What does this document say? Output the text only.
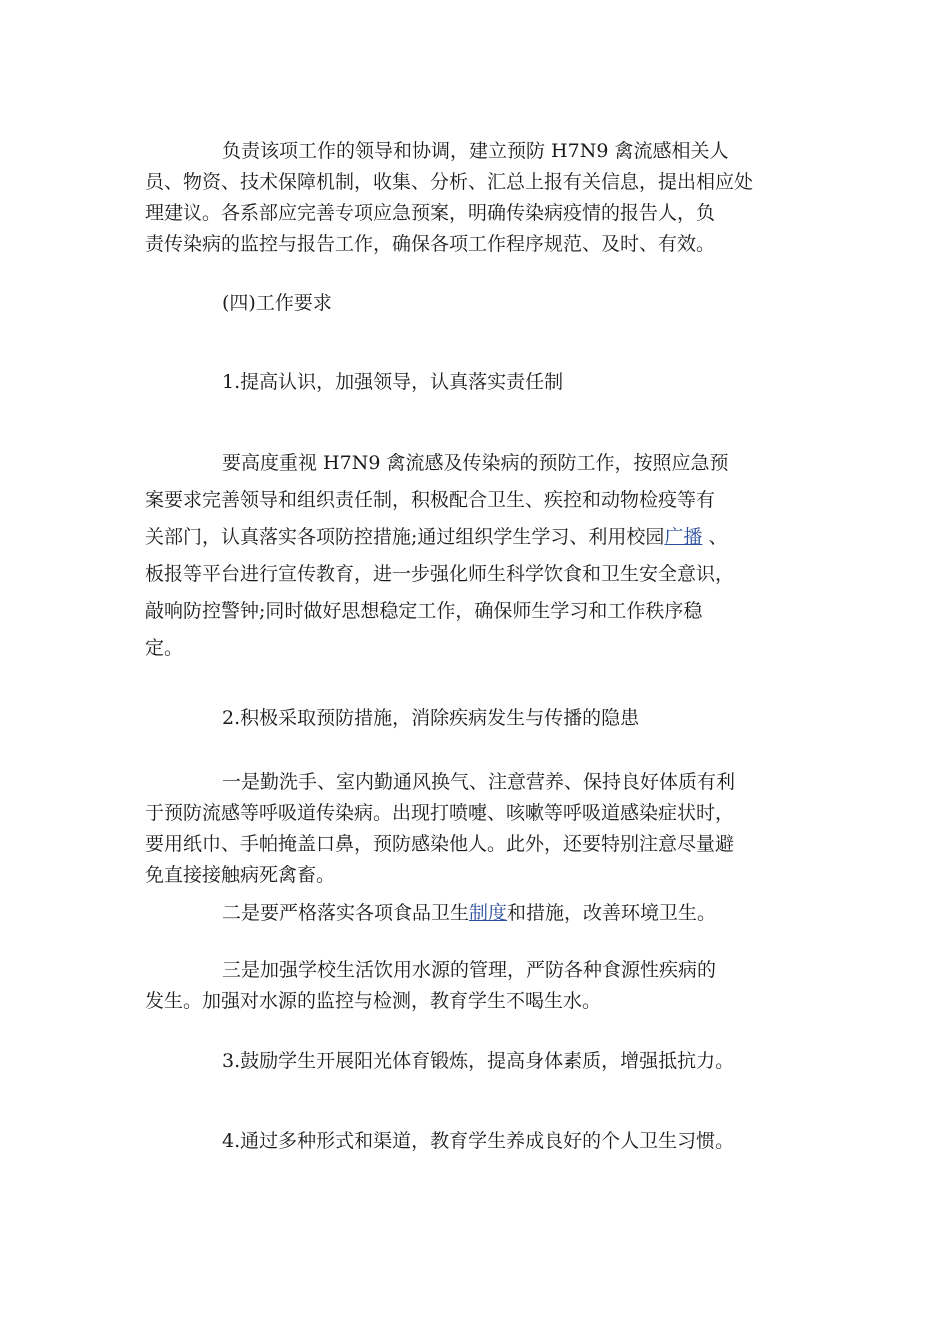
负责该项工作的领导和协调，建立预防 H7N9 禽流感相关人
员、物资、技术保障机制，收集、分析、汇总上报有关信息，提出相应处
理建议。各系部应完善专项应急预案，明确传染病疫情的报告人，负
责传染病的监控与报告工作，确保各项工作程序规范、及时、有效。

(四)工作要求

1.提高认识，加强领导，认真落实责任制

要高度重视 H7N9 禽流感及传染病的预防工作，按照应急预
案要求完善领导和组织责任制，积极配合卫生、疾控和动物检疫等有
关部门，认真落实各项防控措施;通过组织学生学习、利用校园广播 、
板报等平台进行宣传教育，进一步强化师生科学饮食和卫生安全意识，
敲响防控警钟;同时做好思想稳定工作，确保师生学习和工作秩序稳
定。

2.积极采取预防措施，消除疾病发生与传播的隐患

一是勤洗手、室内勤通风换气、注意营养、保持良好体质有利
于预防流感等呼吸道传染病。出现打喷嚏、咳嗽等呼吸道感染症状时，
要用纸巾、手帕掩盖口鼻，预防感染他人。此外，还要特别注意尽量避
免直接接触病死禽畜。

二是要严格落实各项食品卫生制度和措施，改善环境卫生。

三是加强学校生活饮用水源的管理，严防各种食源性疾病的
发生。加强对水源的监控与检测，教育学生不喝生水。

3.鼓励学生开展阳光体育锻炼，提高身体素质，增强抵抗力。

4.通过多种形式和渠道，教育学生养成良好的个人卫生习惯。
